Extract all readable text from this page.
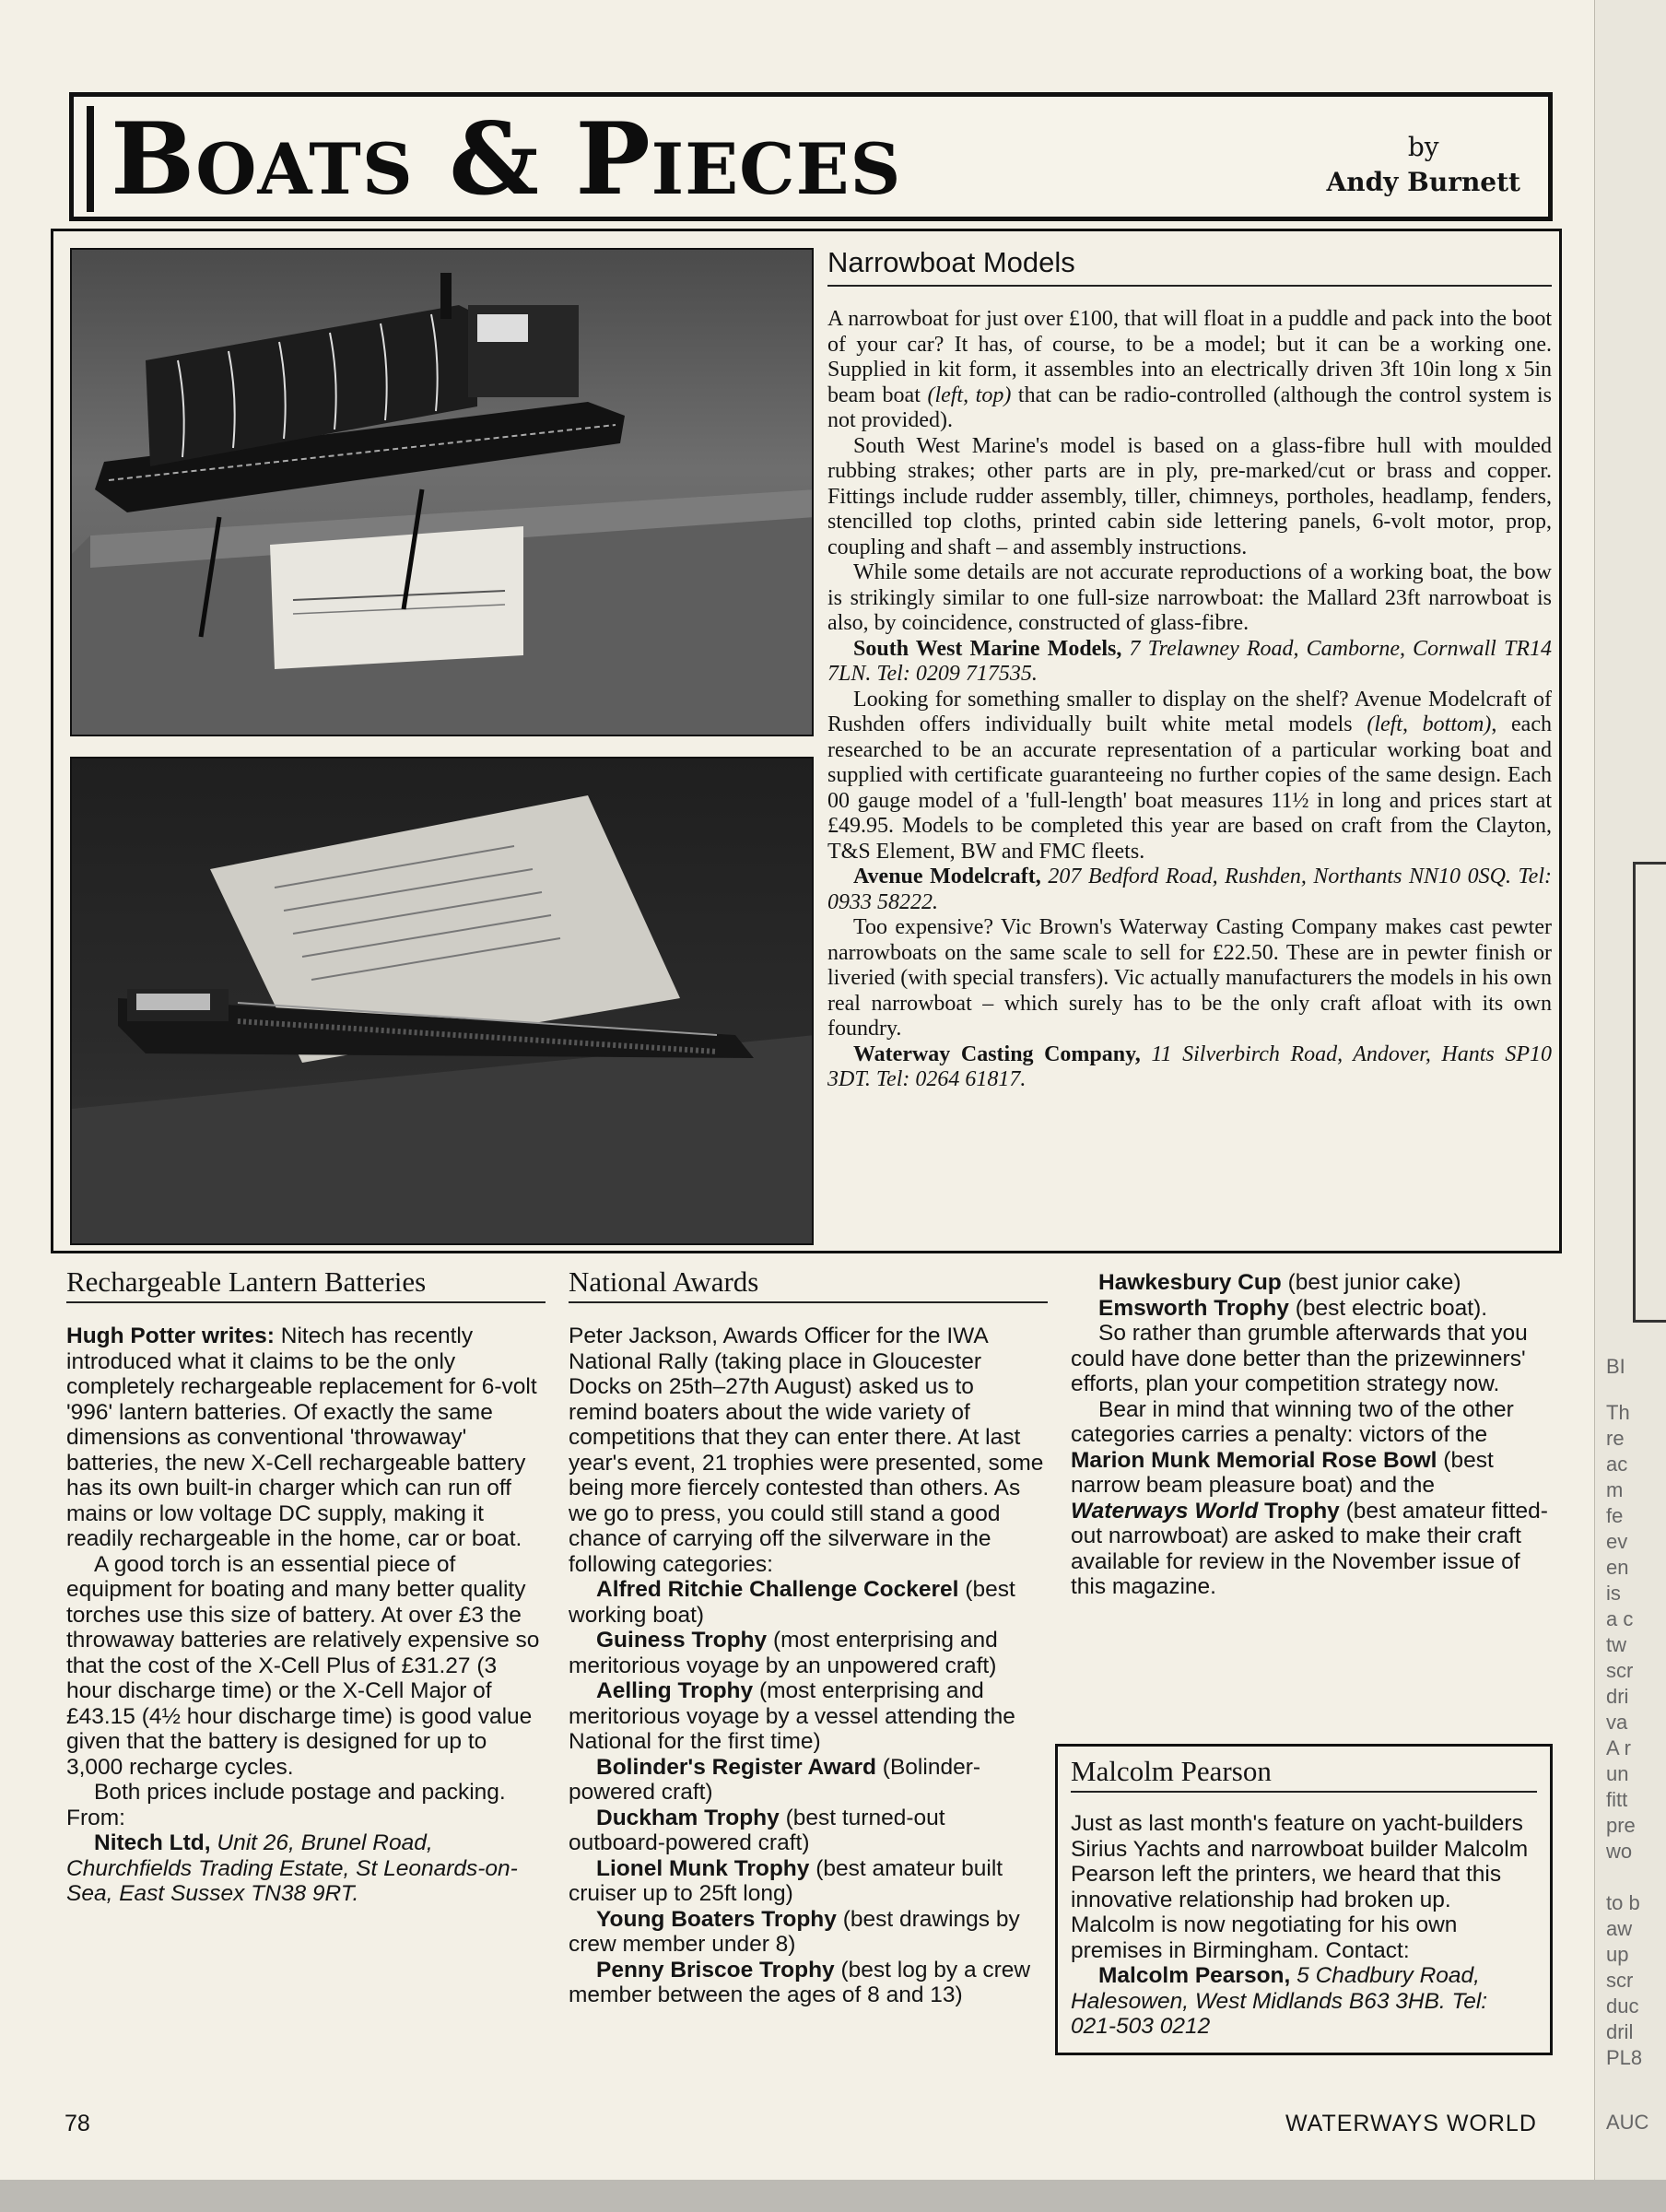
BI
Th
re
ac
m
fe
ev
en
is
a c
tw
scr
dri
va
A r
un
fitt
pre
wo
to b
aw
up
scr
duc
dril
PL8
AUC
Boats & Pieces	by
Andy Burnett
Narrowboat Models

A narrowboat for just over £100, that will float in a puddle and pack into the boot of your car? It has, of course, to be a model; but it can be a working one. Supplied in kit form, it assembles into an electrically driven 3ft 10in long x 5in beam boat (left, top) that can be radio-controlled (although the control system is not provided).

South West Marine's model is based on a glass-fibre hull with moulded rubbing strakes; other parts are in ply, pre-marked/cut or brass and copper. Fittings include rudder assembly, tiller, chimneys, portholes, headlamp, fenders, stencilled top cloths, printed cabin side lettering panels, 6-volt motor, prop, coupling and shaft – and assembly instructions.

While some details are not accurate reproductions of a working boat, the bow is strikingly similar to one full-size narrowboat: the Mallard 23ft narrowboat is also, by coincidence, constructed of glass-fibre.

South West Marine Models, 7 Trelawney Road, Camborne, Cornwall TR14 7LN. Tel: 0209 717535.

Looking for something smaller to display on the shelf? Avenue Modelcraft of Rushden offers individually built white metal models (left, bottom), each researched to be an accurate representation of a particular working boat and supplied with certificate guaranteeing no further copies of the same design. Each 00 gauge model of a 'full-length' boat measures 11½ in long and prices start at £49.95. Models to be completed this year are based on craft from the Clayton, T&S Element, BW and FMC fleets.

Avenue Modelcraft, 207 Bedford Road, Rushden, Northants NN10 0SQ. Tel: 0933 58222.

Too expensive? Vic Brown's Waterway Casting Company makes cast pewter narrowboats on the same scale to sell for £22.50. These are in pewter finish or liveried (with special transfers). Vic actually manufacturers the models in his own real narrowboat – which surely has to be the only craft afloat with its own foundry.

Waterway Casting Company, 11 Silverbirch Road, Andover, Hants SP10 3DT. Tel: 0264 61817.

Rechargeable Lantern Batteries

Hugh Potter writes: Nitech has recently introduced what it claims to be the only completely rechargeable replacement for 6-volt '996' lantern batteries. Of exactly the same dimensions as conventional 'throwaway' batteries, the new X-Cell rechargeable battery has its own built-in charger which can run off mains or low voltage DC supply, making it readily rechargeable in the home, car or boat.

A good torch is an essential piece of equipment for boating and many better quality torches use this size of battery. At over £3 the throwaway batteries are relatively expensive so that the cost of the X-Cell Plus of £31.27 (3 hour discharge time) or the X-Cell Major of £43.15 (4½ hour discharge time) is good value given that the battery is designed for up to 3,000 recharge cycles.

Both prices include postage and packing. From:

Nitech Ltd, Unit 26, Brunel Road, Churchfields Trading Estate, St Leonards-on-Sea, East Sussex TN38 9RT.

National Awards

Peter Jackson, Awards Officer for the IWA National Rally (taking place in Gloucester Docks on 25th–27th August) asked us to remind boaters about the wide variety of competitions that they can enter there. At last year's event, 21 trophies were presented, some being more fiercely contested than others. As we go to press, you could still stand a good chance of carrying off the silverware in the following categories:

Alfred Ritchie Challenge Cockerel (best working boat)

Guiness Trophy (most enterprising and meritorious voyage by an unpowered craft)

Aelling Trophy (most enterprising and meritorious voyage by a vessel attending the National for the first time)

Bolinder's Register Award (Bolinder-powered craft)

Duckham Trophy (best turned-out outboard-powered craft)

Lionel Munk Trophy (best amateur built cruiser up to 25ft long)

Young Boaters Trophy (best drawings by crew member under 8)

Penny Briscoe Trophy (best log by a crew member between the ages of 8 and 13)

Hawkesbury Cup (best junior cake)

Emsworth Trophy (best electric boat).

So rather than grumble afterwards that you could have done better than the prizewinners' efforts, plan your competition strategy now.

Bear in mind that winning two of the other categories carries a penalty: victors of the Marion Munk Memorial Rose Bowl (best narrow beam pleasure boat) and the Waterways World Trophy (best amateur fitted-out narrowboat) are asked to make their craft available for review in the November issue of this magazine.

Malcolm Pearson

Just as last month's feature on yacht-builders Sirius Yachts and narrowboat builder Malcolm Pearson left the printers, we heard that this innovative relationship had broken up. Malcolm is now negotiating for his own premises in Birmingham. Contact:

Malcolm Pearson, 5 Chadbury Road, Halesowen, West Midlands B63 3HB. Tel: 021-503 0212

78	WATERWAYS WORLD
